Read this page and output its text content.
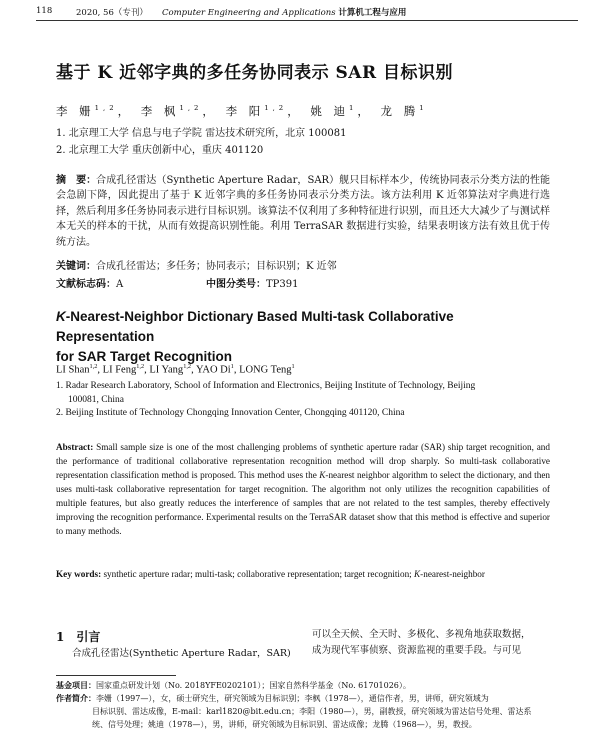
118	2020, 56（专刊） Computer Engineering and Applications 计算机工程与应用
基于 K 近邻字典的多任务协同表示 SAR 目标识别
李 姗$^{1,2}$， 李 枫$^{1,2}$， 李 阳$^{1,2}$， 姚 迪$^1$， 龙 腾$^1$
1. 北京理工大学 信息与电子学院 雷达技术研究所，北京 100081
2. 北京理工大学 重庆创新中心，重庆 401120
摘　要：合成孔径雷达（Synthetic Aperture Radar，SAR）舰只目标样本少，传统协同表示分类方法的性能会急剧下降，因此提出了基于 K 近邻字典的多任务协同表示分类方法。该方法利用 K 近邻算法对字典进行选择，然后利用多任务协同表示进行目标识别。该算法不仅利用了多种特征进行识别，而且还大大减少了与测试样本无关的样本的干扰，从而有效提高识别性能。利用 TerraSAR 数据进行实验，结果表明该方法有效且优于传统方法。
关键词：合成孔径雷达；多任务；协同表示；目标识别；K 近邻
文献标志码：A	中图分类号：TP391
K-Nearest-Neighbor Dictionary Based Multi-task Collaborative Representation
for SAR Target Recognition
LI Shan$^{1,2}$, LI Feng$^{1,2}$, LI Yang$^{1,2}$, YAO Di$^1$, LONG Teng$^1$
1. Radar Research Laboratory, School of Information and Electronics, Beijing Institute of Technology, Beijing
100081, China
2. Beijing Institute of Technology Chongqing Innovation Center, Chongqing 401120, China
Abstract: Small sample size is one of the most challenging problems of synthetic aperture radar (SAR) ship target recognition, and the performance of traditional collaborative representation recognition method will drop sharply. So multi-task collaborative representation classification method is proposed. This method uses the K-nearest neighbor algorithm to select the dictionary, and then uses multi-task collaborative representation for target recognition. The algorithm not only utilizes the recognition capabilities of multiple features, but also greatly reduces the interference of samples that are not related to the test samples, thereby effectively improving the recognition performance. Experimental results on the TerraSAR dataset show that this method is effective and superior to many methods.
Key words: synthetic aperture radar; multi-task; collaborative representation; target recognition; K-nearest-neighbor
1　引言
合成孔径雷达(Synthetic Aperture Radar，SAR)
可以全天候、全天时、多极化、多视角地获取数据，
成为现代军事侦察、资源监视的重要手段。与可见
基金项目：国家重点研发计划（No. 2018YFE0202101）；国家自然科学基金（No. 61701026）。
作者简介：李姗（1997—），女，硕士研究生，研究领域为目标识别；李枫（1978—），通信作者，男，讲师，研究领域为
目标识别、雷达成像，E-mail：karl1820@bit.edu.cn；李阳（1980—），男，副教授，研究领域为雷达信号处理、雷达系
统、信号处理；姚迪（1978—），男，讲师，研究领域为目标识别、雷达成像；龙腾（1968—），男，教授。
